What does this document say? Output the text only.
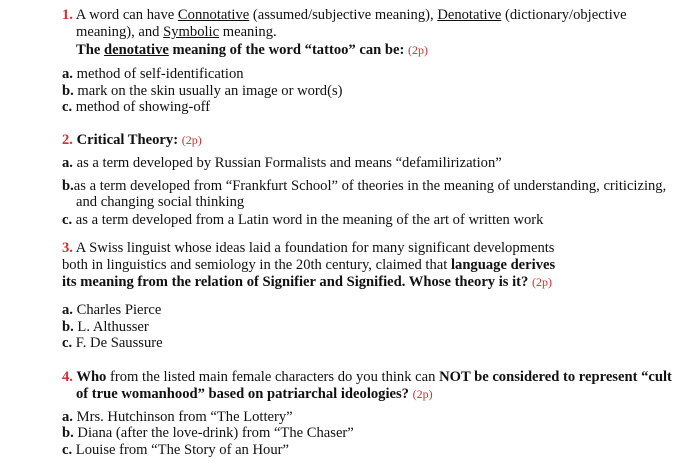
1. A word can have Connotative (assumed/subjective meaning), Denotative (dictionary/objective
meaning), and Symbolic meaning.
The denotative meaning of the word “tattoo” can be: (2p)
a. method of self-identification
b. mark on the skin usually an image or word(s)
c. method of showing-off
2. Critical Theory: (2p)
a. as a term developed by Russian Formalists and means “defamilirization”
b.as a term developed from “Frankfurt School” of theories in the meaning of understanding, criticizing,
and changing social thinking
c. as a term developed from a Latin word in the meaning of the art of written work
3. A Swiss linguist whose ideas laid a foundation for many significant developments
both in linguistics and semiology in the 20th century, claimed that language derives
its meaning from the relation of Signifier and Signified. Whose theory is it? (2p)
a. Charles Pierce
b. L. Althusser
c. F. De Saussure
4. Who from the listed main female characters do you think can NOT be considered to represent “cult
of true womanhood” based on patriarchal ideologies? (2p)
a. Mrs. Hutchinson from “The Lottery”
b. Diana (after the love-drink) from “The Chaser”
c. Louise from “The Story of an Hour”
